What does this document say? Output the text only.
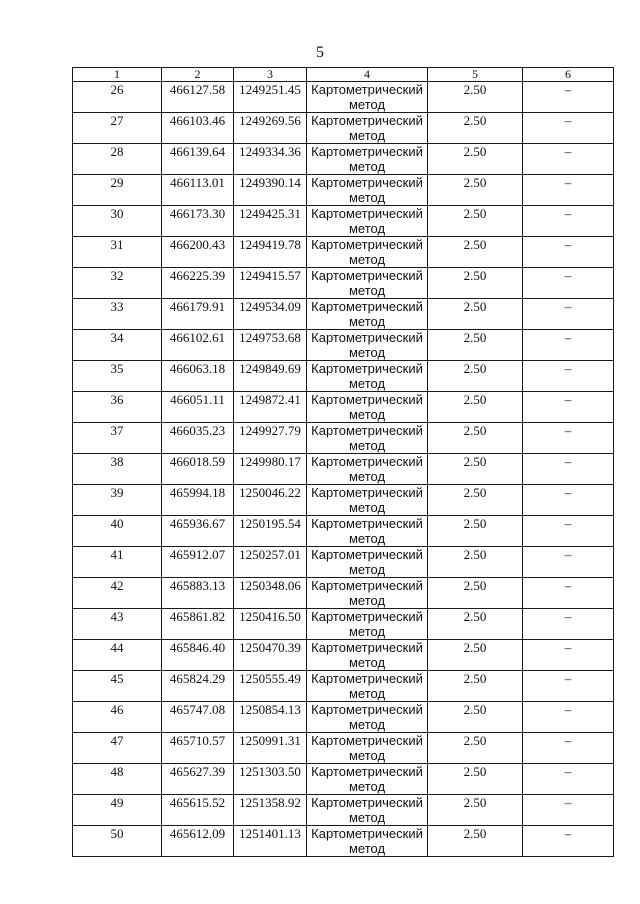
5
1	2	3	4	5	6
26	466127.58	1249251.45	Картометрический метод	2.50	–
27	466103.46	1249269.56	Картометрический метод	2.50	–
28	466139.64	1249334.36	Картометрический метод	2.50	–
29	466113.01	1249390.14	Картометрический метод	2.50	–
30	466173.30	1249425.31	Картометрический метод	2.50	–
31	466200.43	1249419.78	Картометрический метод	2.50	–
32	466225.39	1249415.57	Картометрический метод	2.50	–
33	466179.91	1249534.09	Картометрический метод	2.50	–
34	466102.61	1249753.68	Картометрический метод	2.50	–
35	466063.18	1249849.69	Картометрический метод	2.50	–
36	466051.11	1249872.41	Картометрический метод	2.50	–
37	466035.23	1249927.79	Картометрический метод	2.50	–
38	466018.59	1249980.17	Картометрический метод	2.50	–
39	465994.18	1250046.22	Картометрический метод	2.50	–
40	465936.67	1250195.54	Картометрический метод	2.50	–
41	465912.07	1250257.01	Картометрический метод	2.50	–
42	465883.13	1250348.06	Картометрический метод	2.50	–
43	465861.82	1250416.50	Картометрический метод	2.50	–
44	465846.40	1250470.39	Картометрический метод	2.50	–
45	465824.29	1250555.49	Картометрический метод	2.50	–
46	465747.08	1250854.13	Картометрический метод	2.50	–
47	465710.57	1250991.31	Картометрический метод	2.50	–
48	465627.39	1251303.50	Картометрический метод	2.50	–
49	465615.52	1251358.92	Картометрический метод	2.50	–
50	465612.09	1251401.13	Картометрический метод	2.50	–
